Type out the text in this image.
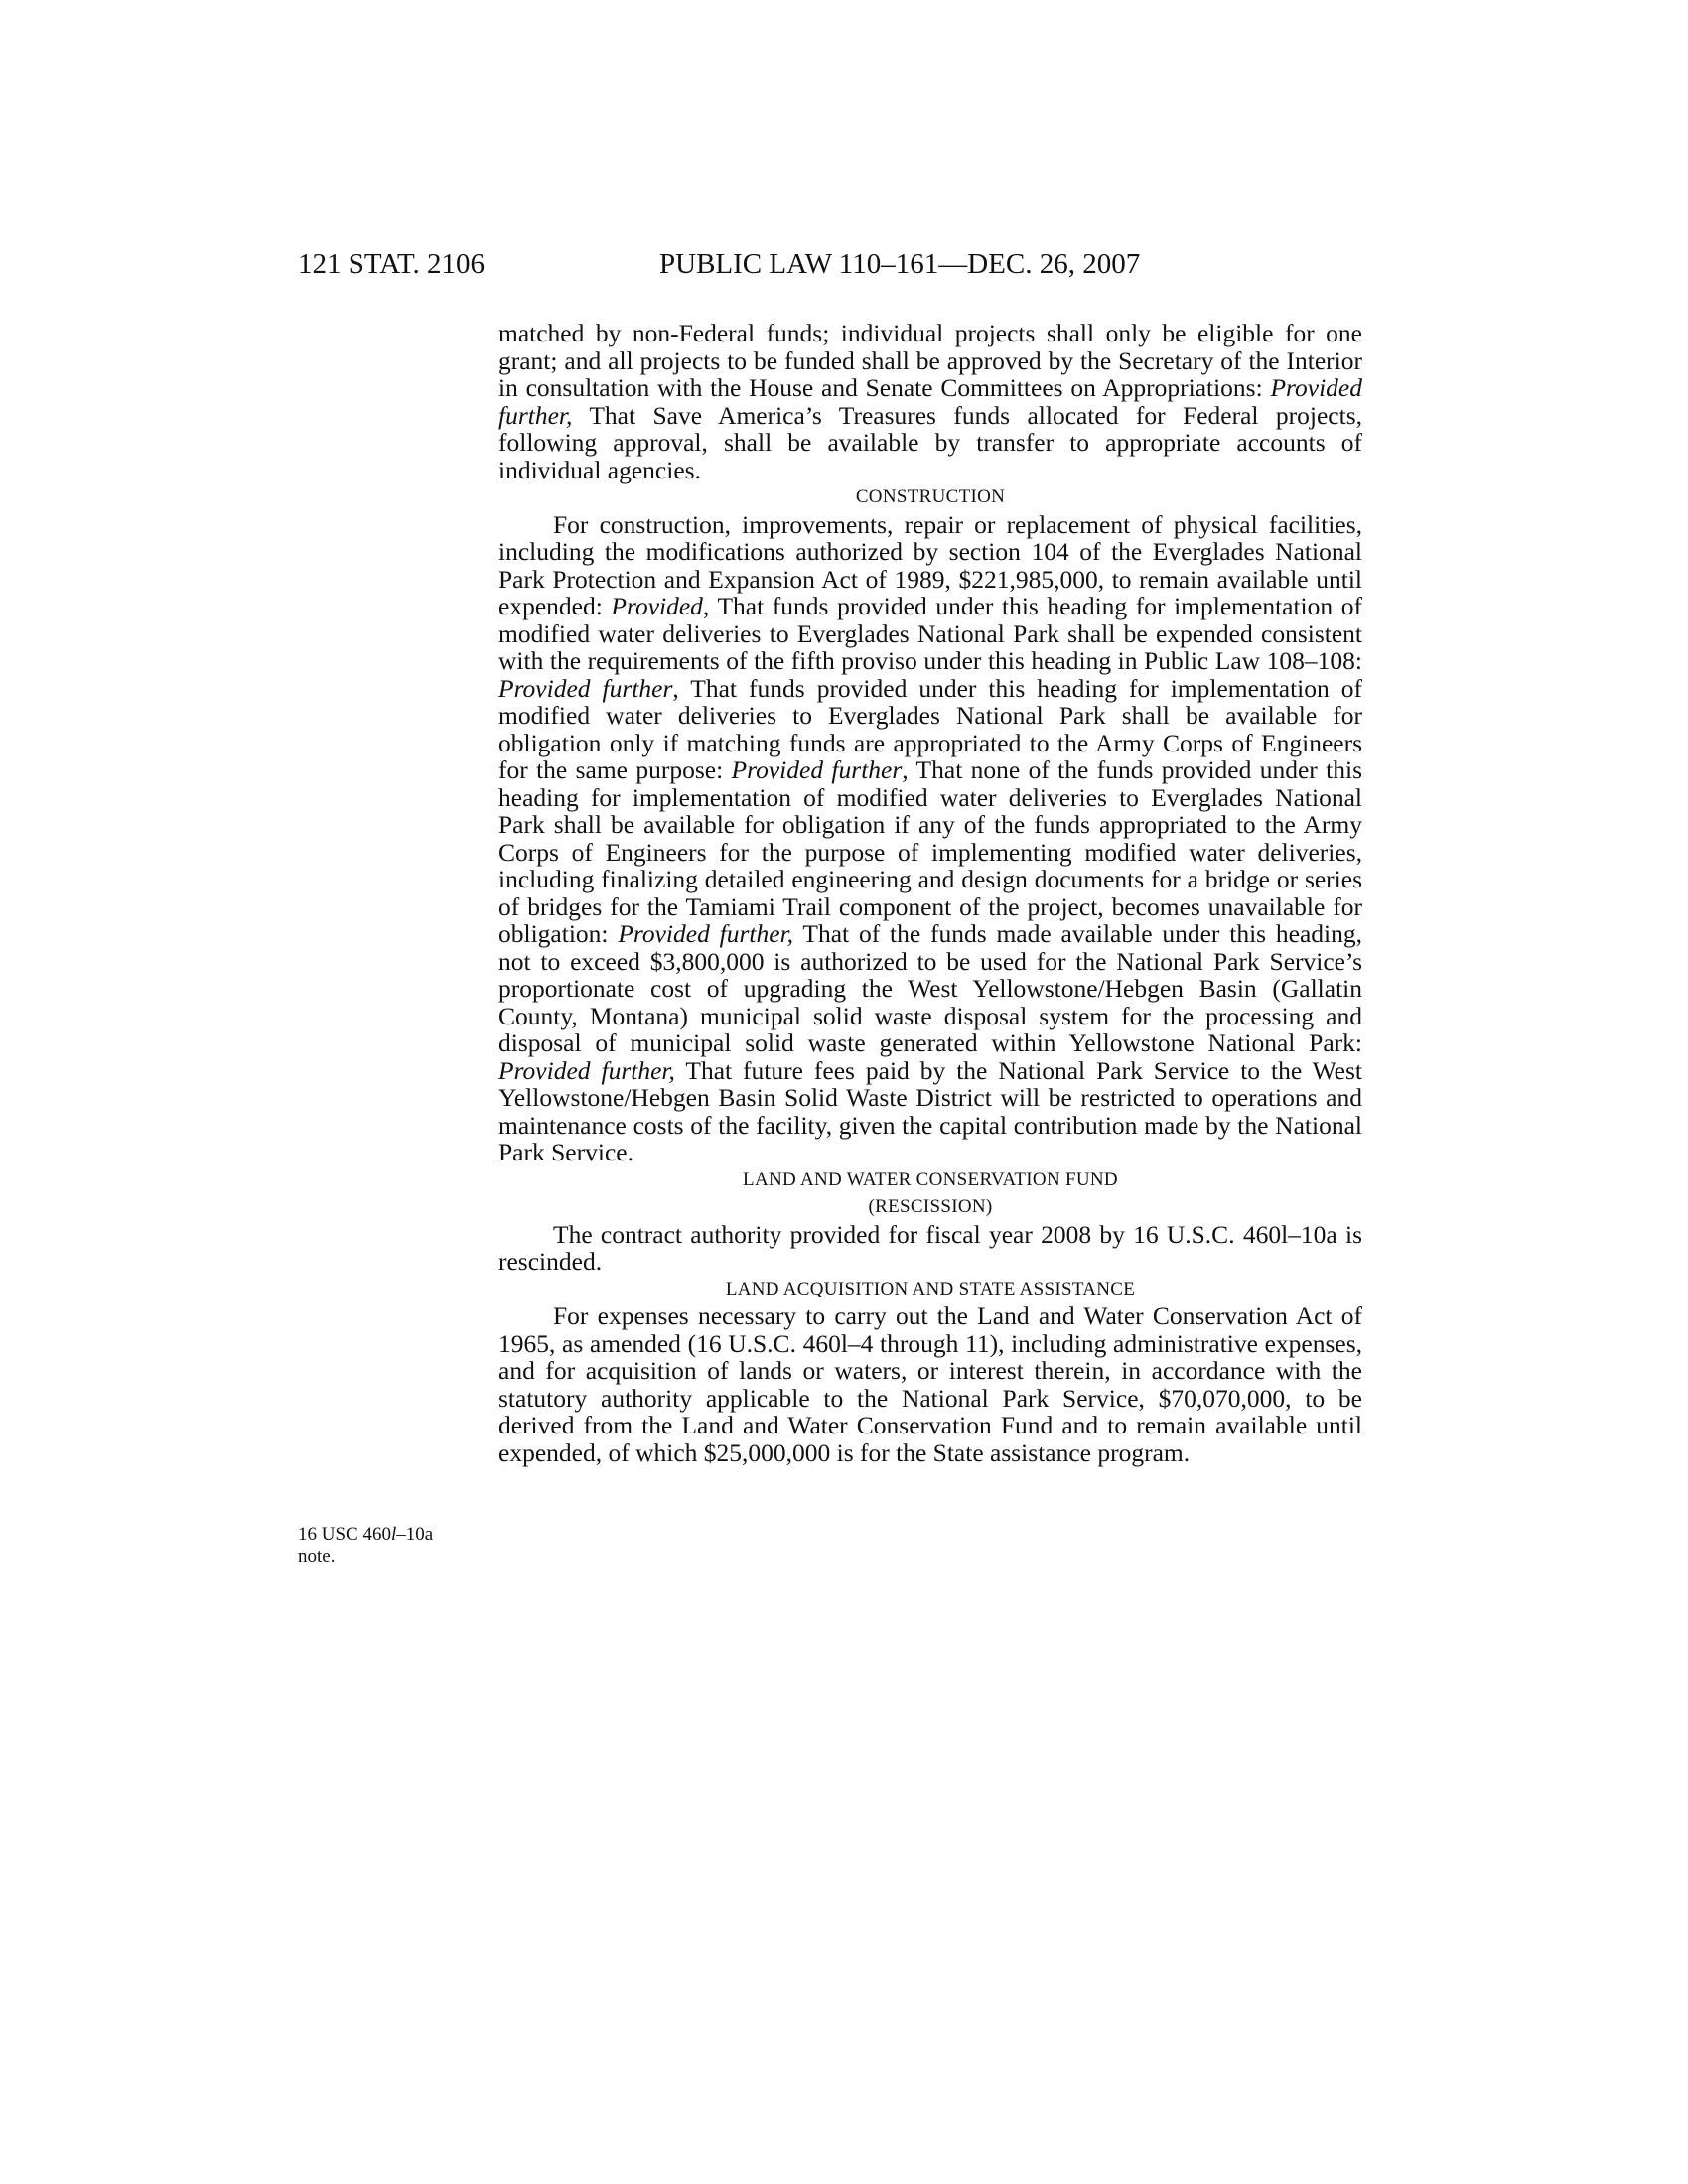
121 STAT. 2106	PUBLIC LAW 110–161—DEC. 26, 2007
16 USC 460l–10a
note.

matched by non-Federal funds; individual projects shall only be eligible for one grant; and all projects to be funded shall be approved by the Secretary of the Interior in consultation with the House and Senate Committees on Appropriations: Provided further, That Save America’s Treasures funds allocated for Federal projects, following approval, shall be available by transfer to appropriate accounts of individual agencies.

CONSTRUCTION

For construction, improvements, repair or replacement of physical facilities, including the modifications authorized by section 104 of the Everglades National Park Protection and Expansion Act of 1989, $221,985,000, to remain available until expended: Provided, That funds provided under this heading for implementation of modified water deliveries to Everglades National Park shall be expended consistent with the requirements of the fifth proviso under this heading in Public Law 108–108: Provided further, That funds provided under this heading for implementation of modified water deliveries to Everglades National Park shall be available for obligation only if matching funds are appropriated to the Army Corps of Engineers for the same purpose: Provided further, That none of the funds provided under this heading for implementation of modified water deliveries to Everglades National Park shall be available for obligation if any of the funds appropriated to the Army Corps of Engineers for the purpose of implementing modified water deliveries, including finalizing detailed engineering and design documents for a bridge or series of bridges for the Tamiami Trail component of the project, becomes unavailable for obligation: Provided further, That of the funds made available under this heading, not to exceed $3,800,000 is authorized to be used for the National Park Service’s proportionate cost of upgrading the West Yellowstone/Hebgen Basin (Gallatin County, Montana) municipal solid waste disposal system for the processing and disposal of municipal solid waste generated within Yellowstone National Park: Provided further, That future fees paid by the National Park Service to the West Yellowstone/Hebgen Basin Solid Waste District will be restricted to operations and maintenance costs of the facility, given the capital contribution made by the National Park Service.

LAND AND WATER CONSERVATION FUND

(RESCISSION)

The contract authority provided for fiscal year 2008 by 16 U.S.C. 460l–10a is rescinded.

LAND ACQUISITION AND STATE ASSISTANCE

For expenses necessary to carry out the Land and Water Conservation Act of 1965, as amended (16 U.S.C. 460l–4 through 11), including administrative expenses, and for acquisition of lands or waters, or interest therein, in accordance with the statutory authority applicable to the National Park Service, $70,070,000, to be derived from the Land and Water Conservation Fund and to remain available until expended, of which $25,000,000 is for the State assistance program.
